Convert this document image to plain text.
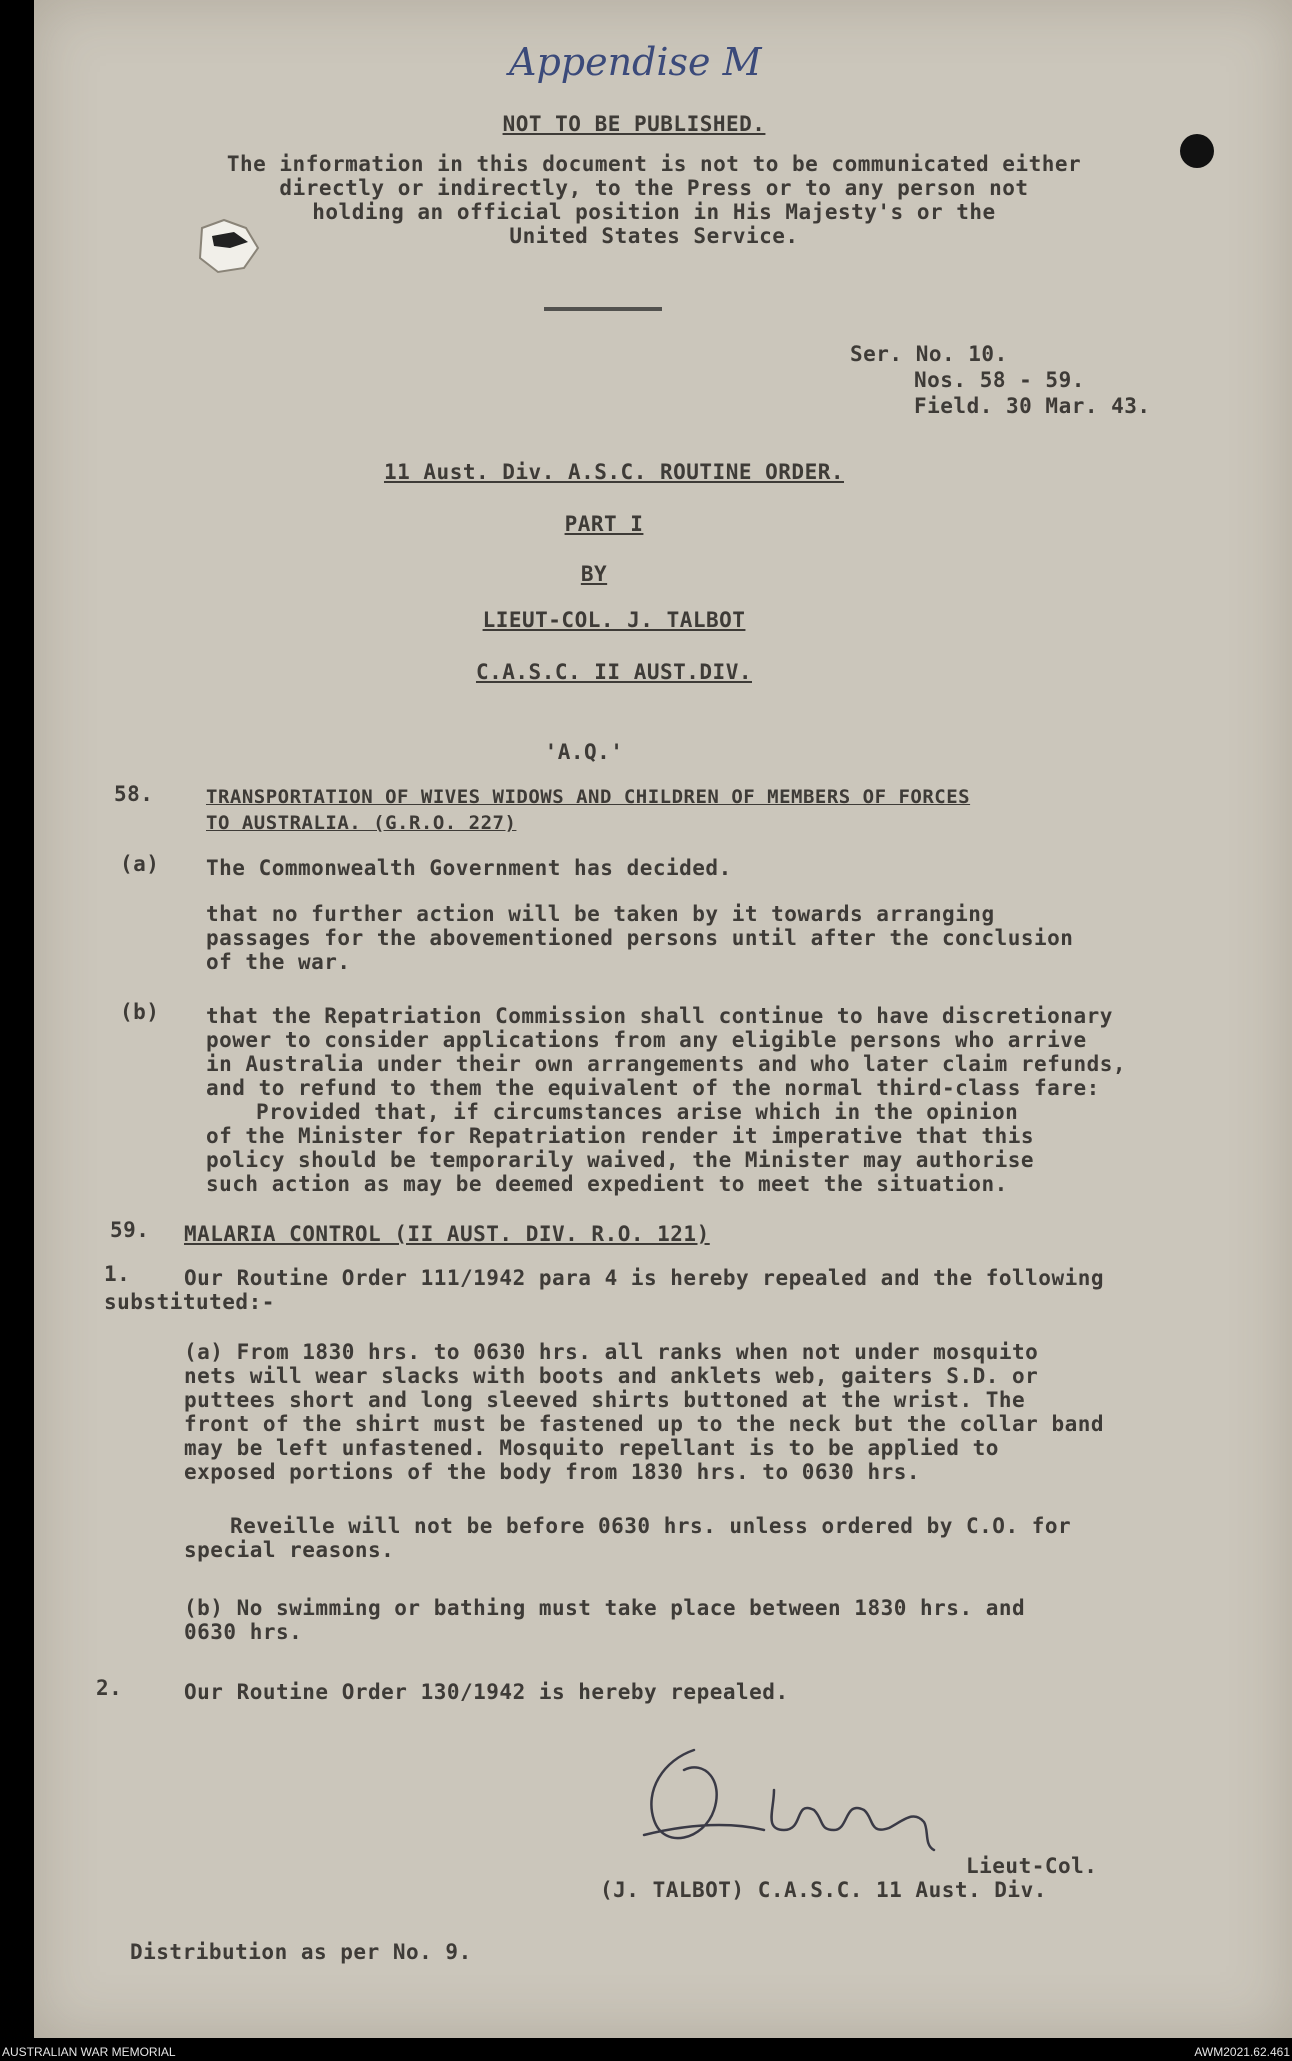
Appendise M
NOT TO BE PUBLISHED.
The information in this document is not to be communicated either
directly or indirectly, to the Press or to any person not
holding an official position in His Majesty's or the
United States Service.
Ser. No. 10.
Nos. 58 - 59.
Field. 30 Mar. 43.
11 Aust. Div. A.S.C. ROUTINE ORDER.
PART I
BY
LIEUT-COL. J. TALBOT
C.A.S.C. II AUST.DIV.
'A.Q.'
58.	TRANSPORTATION OF WIVES WIDOWS AND CHILDREN OF MEMBERS OF FORCES
TO AUSTRALIA. (G.R.O. 227)
(a) The Commonwealth Government has decided.
that no further action will be taken by it towards arranging
passages for the abovementioned persons until after the conclusion
of the war.
(b) that the Repatriation Commission shall continue to have discretionary
power to consider applications from any eligible persons who arrive
in Australia under their own arrangements and who later claim refunds,
and to refund to them the equivalent of the normal third-class fare:
Provided that, if circumstances arise which in the opinion
of the Minister for Repatriation render it imperative that this
policy should be temporarily waived, the Minister may authorise
such action as may be deemed expedient to meet the situation.
59. MALARIA CONTROL (II AUST. DIV. R.O. 121)
1.	Our Routine Order 111/1942 para 4 is hereby repealed and the following
substituted:-
(a) From 1830 hrs. to 0630 hrs. all ranks when not under mosquito
nets will wear slacks with boots and anklets web, gaiters S.D. or
puttees short and long sleeved shirts buttoned at the wrist. The
front of the shirt must be fastened up to the neck but the collar band
may be left unfastened. Mosquito repellant is to be applied to
exposed portions of the body from 1830 hrs. to 0630 hrs.
Reveille will not be before 0630 hrs. unless ordered by C.O. for
special reasons.
(b) No swimming or bathing must take place between 1830 hrs. and
0630 hrs.
2.	Our Routine Order 130/1942 is hereby repealed.
Lieut-Col.
(J. TALBOT) C.A.S.C. 11 Aust. Div.
Distribution as per No. 9.
AUSTRALIAN WAR MEMORIAL	AWM2021.62.461
